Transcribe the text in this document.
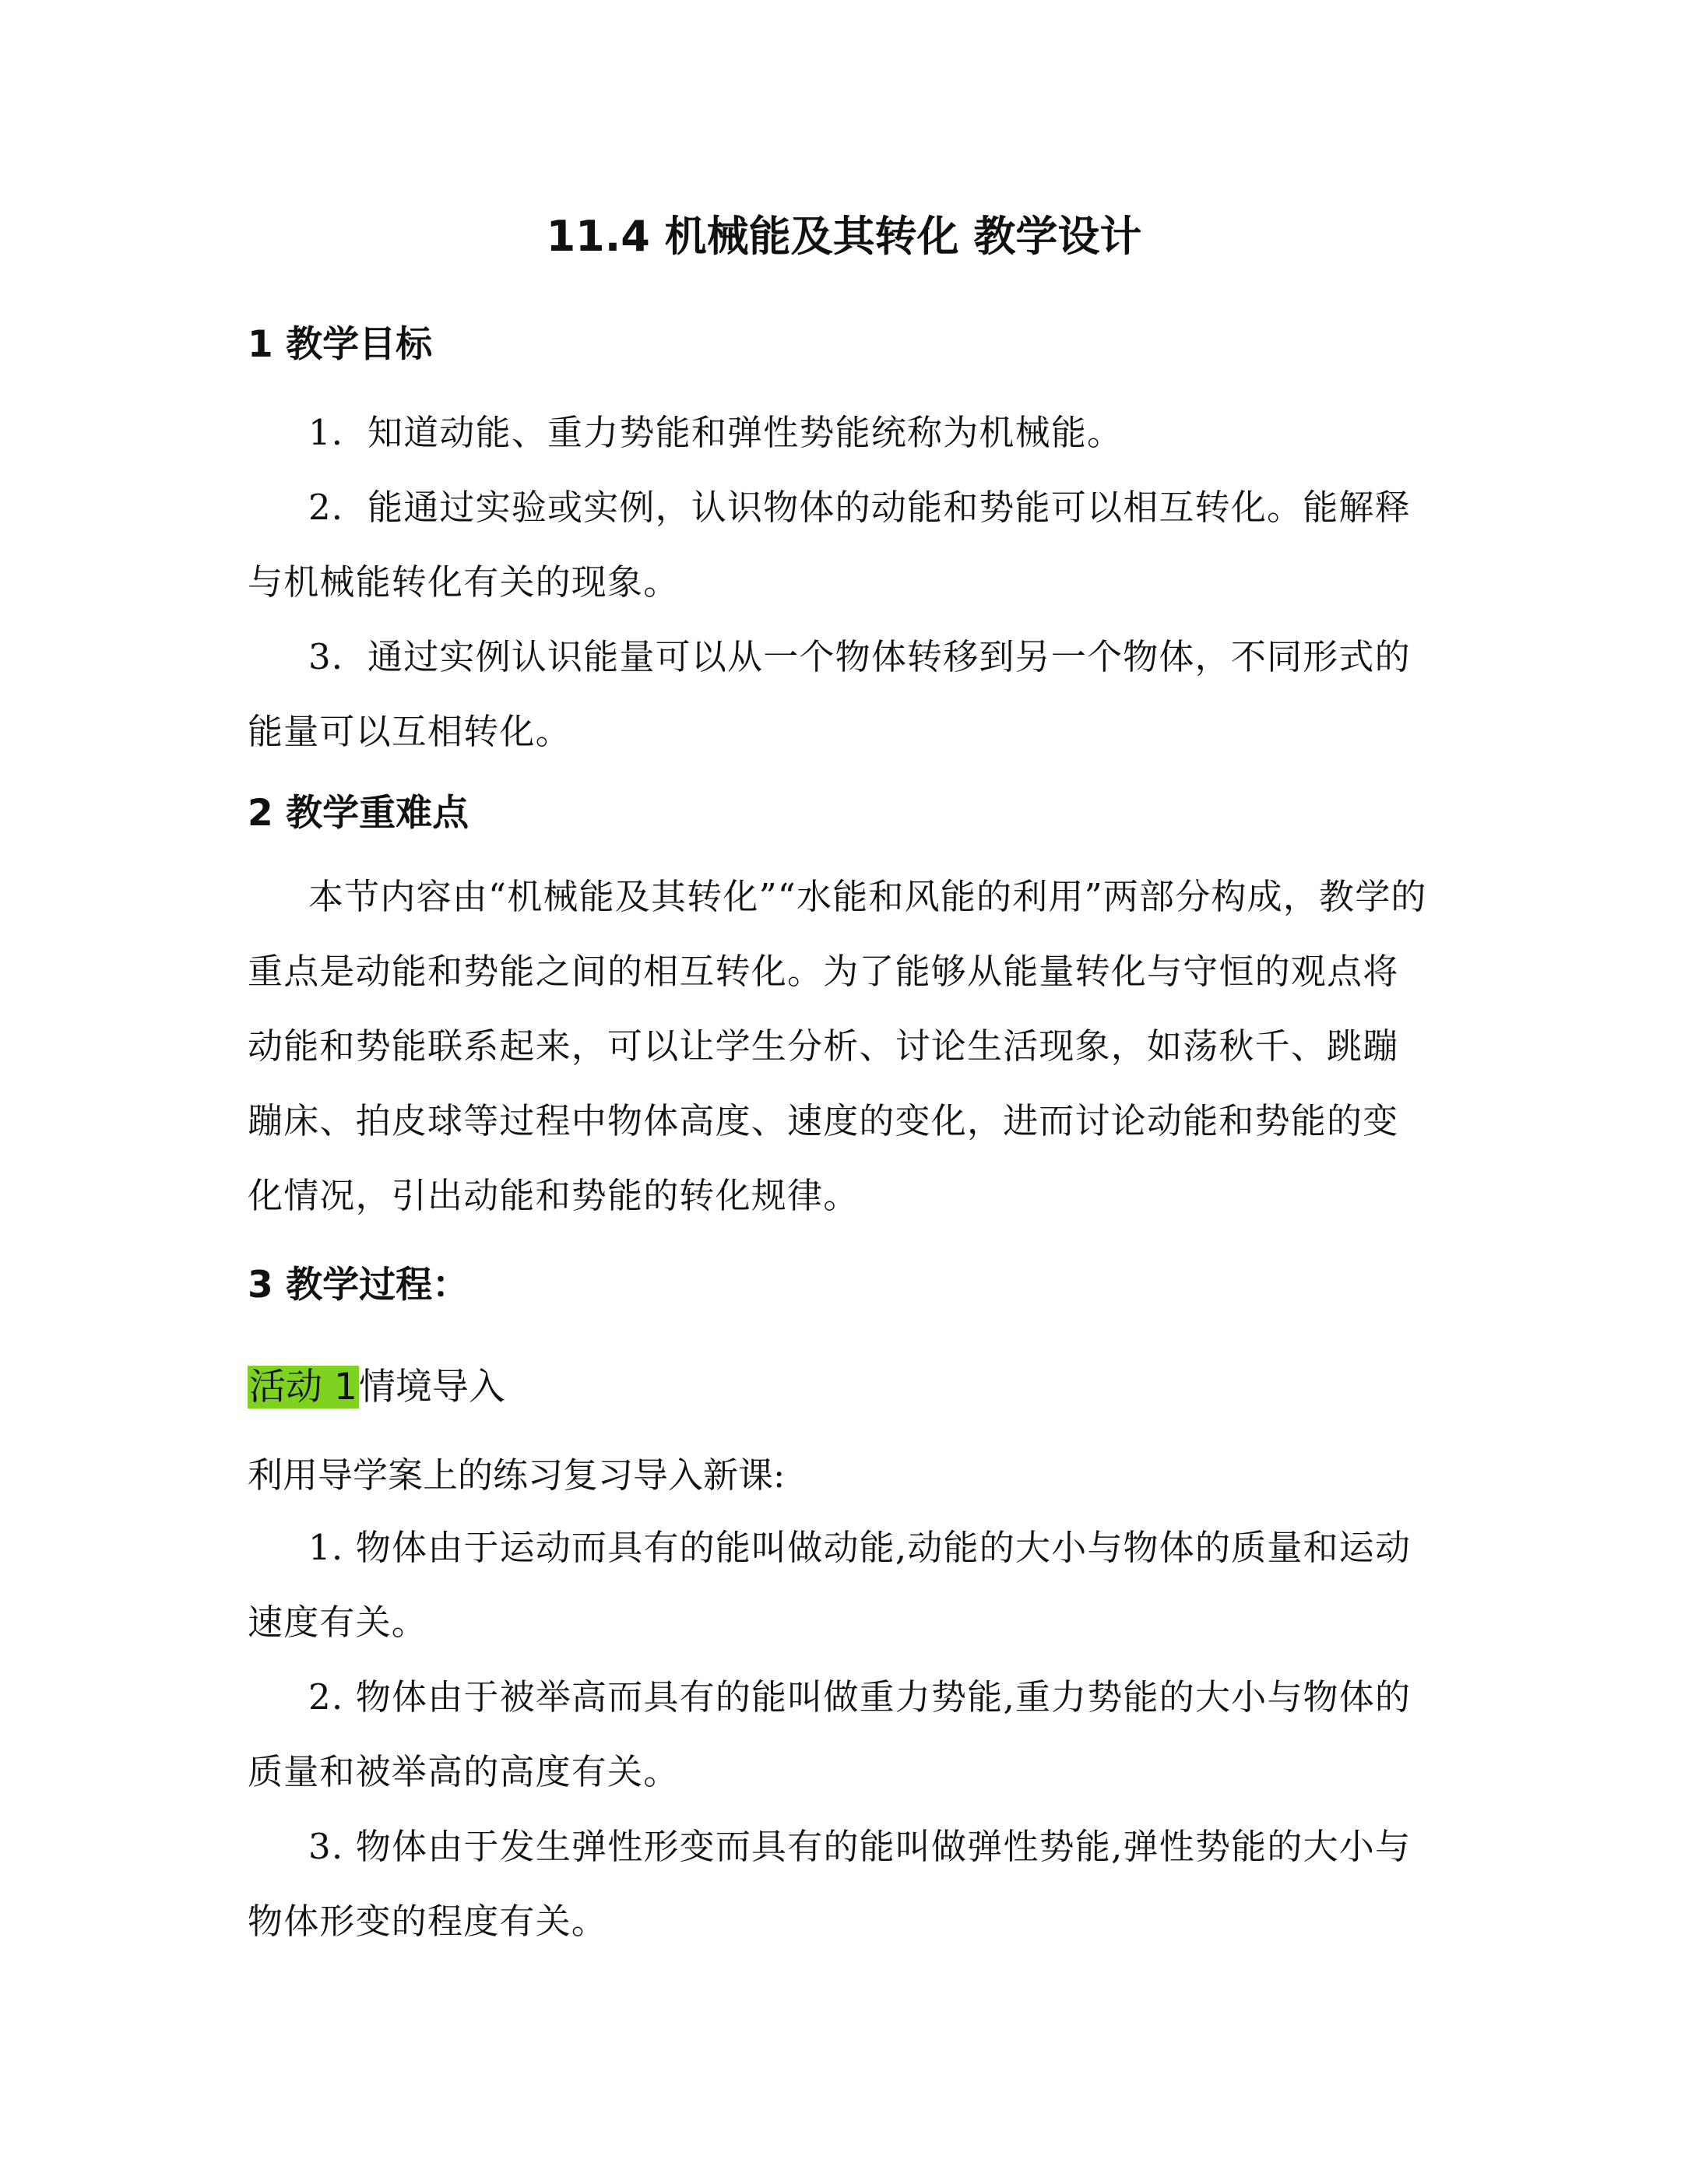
11.4 机械能及其转化 教学设计
1 教学目标
1．知道动能、重力势能和弹性势能统称为机械能。
2．能通过实验或实例，认识物体的动能和势能可以相互转化。能解释与机械能转化有关的现象。
3．通过实例认识能量可以从一个物体转移到另一个物体，不同形式的能量可以互相转化。
2 教学重难点
本节内容由“机械能及其转化”“水能和风能的利用”两部分构成，教学的重点是动能和势能之间的相互转化。为了能够从能量转化与守恒的观点将动能和势能联系起来，可以让学生分析、讨论生活现象，如荡秋千、跳蹦蹦床、拍皮球等过程中物体高度、速度的变化，进而讨论动能和势能的变化情况，引出动能和势能的转化规律。
3 教学过程：
活动 1情境导入
利用导学案上的练习复习导入新课:
1. 物体由于运动而具有的能叫做动能,动能的大小与物体的质量和运动速度有关。
2. 物体由于被举高而具有的能叫做重力势能,重力势能的大小与物体的质量和被举高的高度有关。
3. 物体由于发生弹性形变而具有的能叫做弹性势能,弹性势能的大小与物体形变的程度有关。
